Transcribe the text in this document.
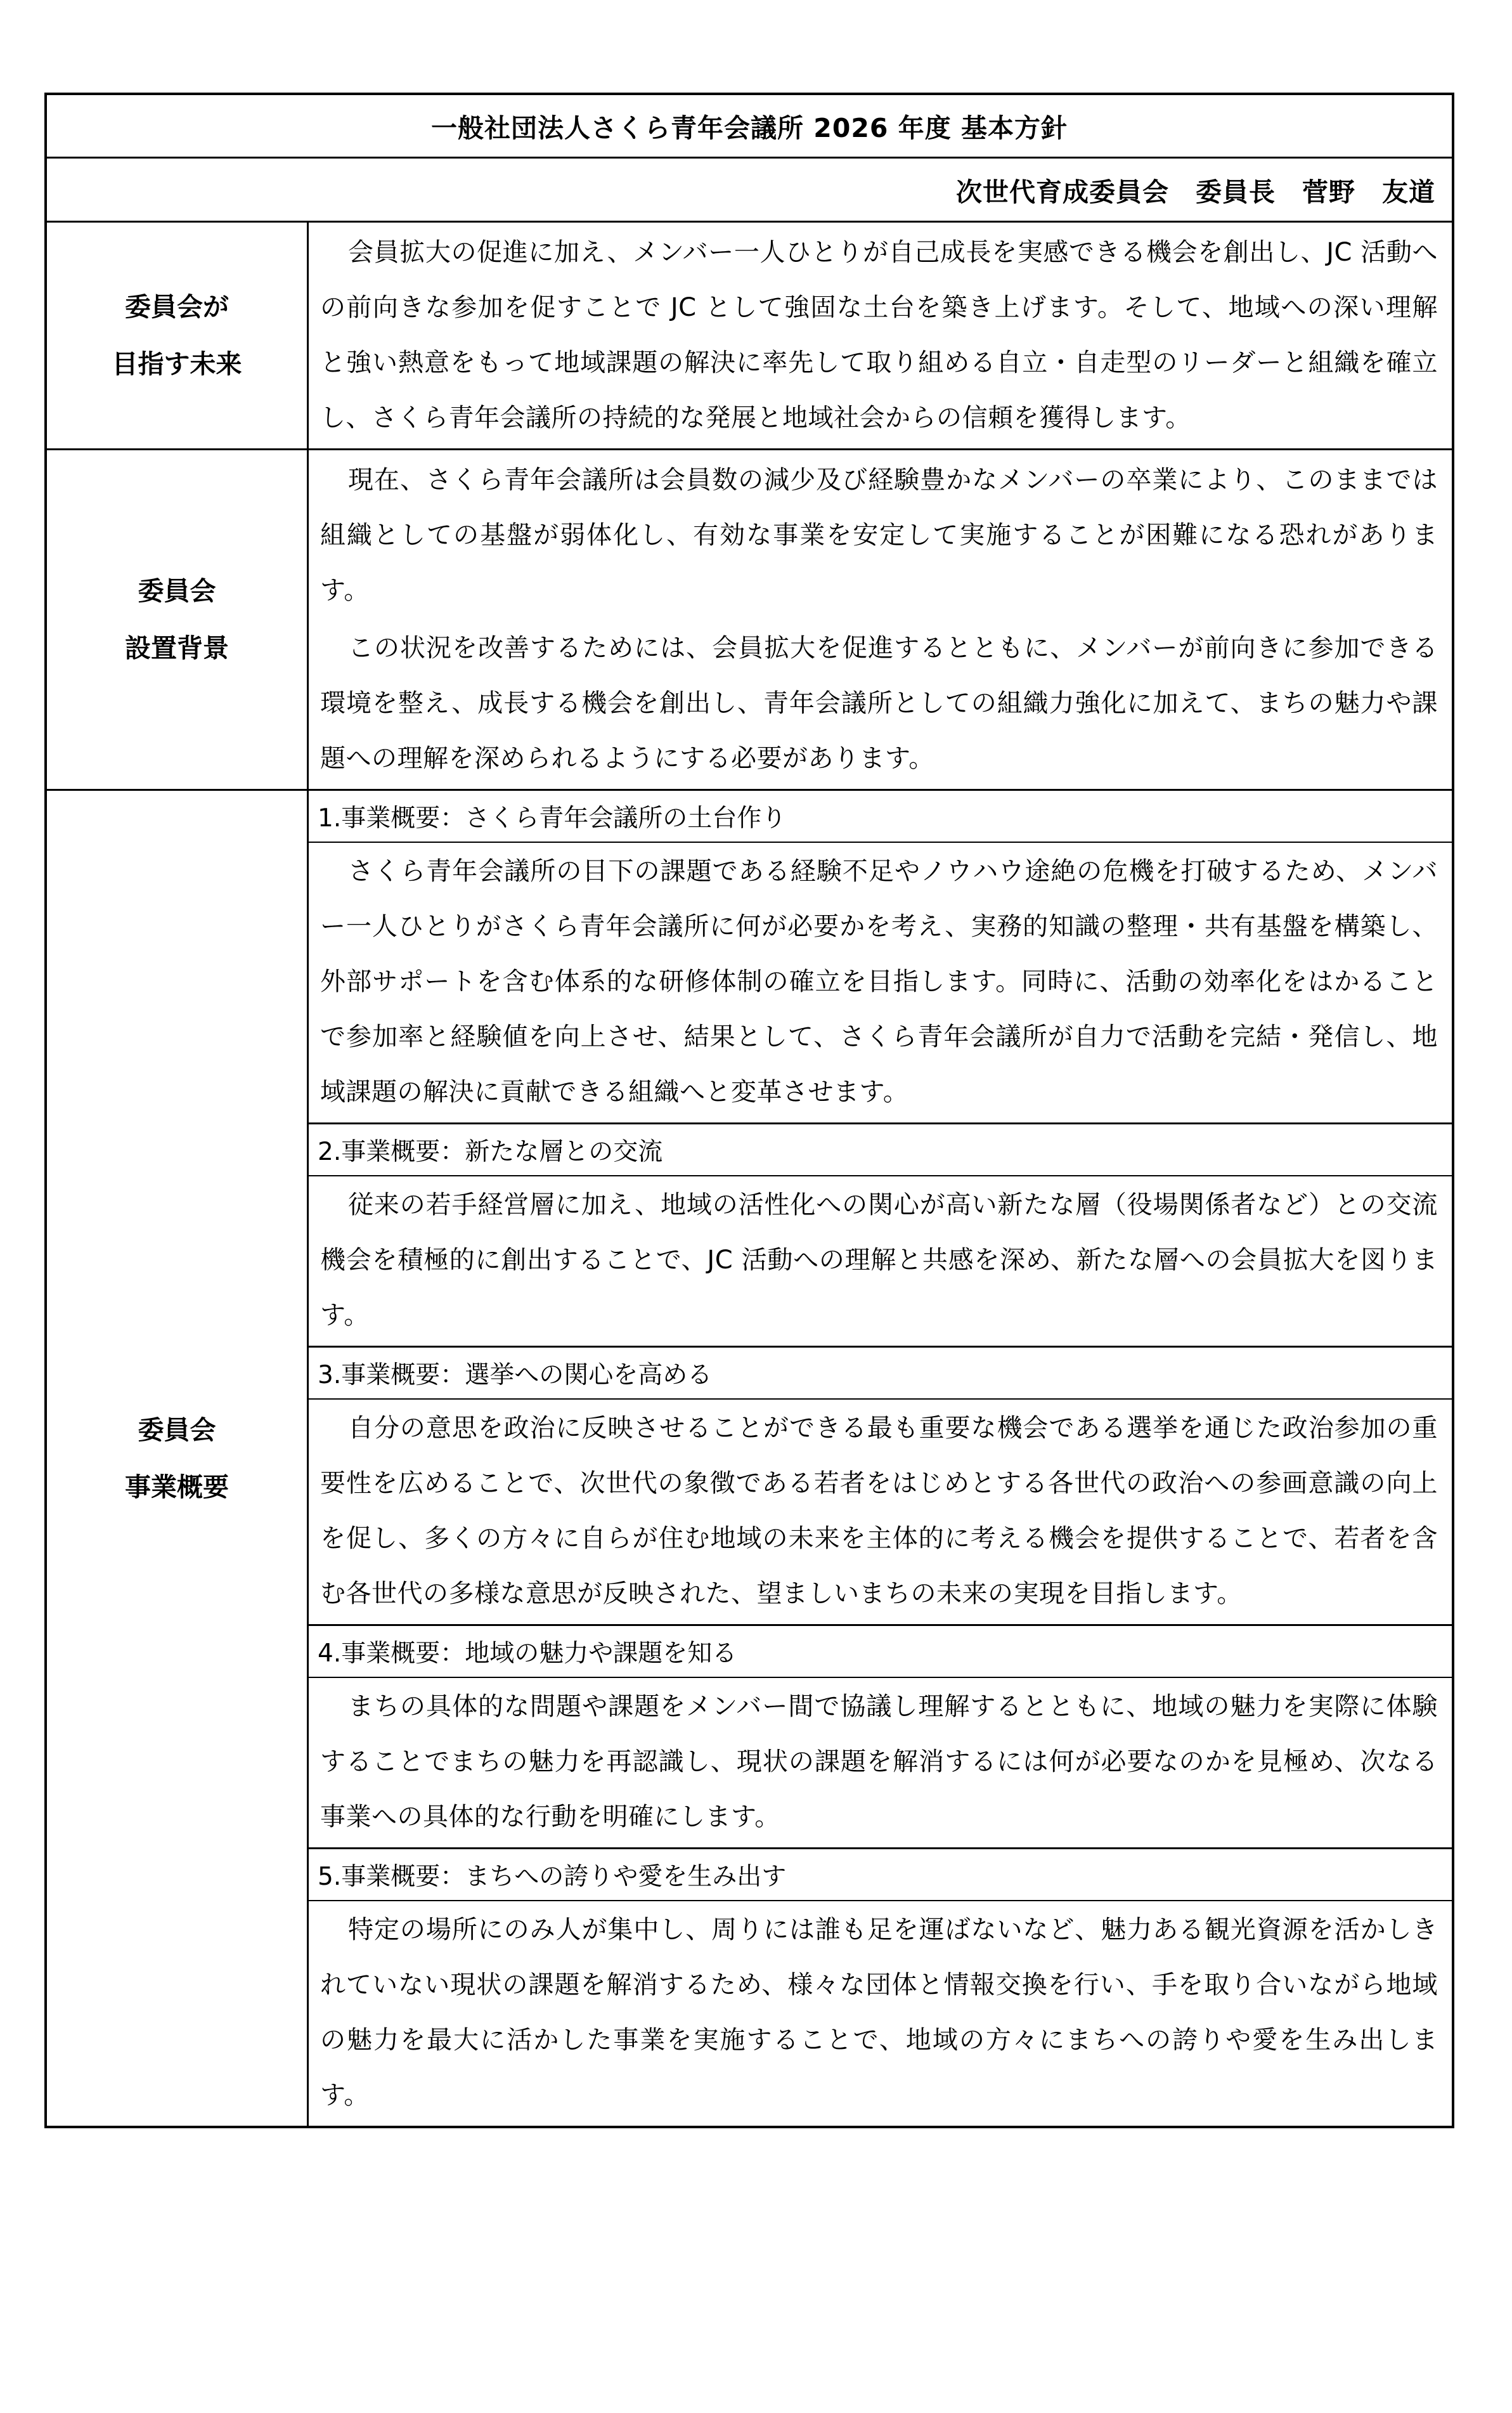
一般社団法人さくら青年会議所 2026 年度 基本方針
次世代育成委員会　委員長　菅野　友道
委員会が
目指す未来
会員拡大の促進に加え、メンバー一人ひとりが自己成長を実感できる機会を創出し、JC 活動への前向きな参加を促すことで JC として強固な土台を築き上げます。そして、地域への深い理解と強い熱意をもって地域課題の解決に率先して取り組める自立・自走型のリーダーと組織を確立し、さくら青年会議所の持続的な発展と地域社会からの信頼を獲得します。
委員会
設置背景
現在、さくら青年会議所は会員数の減少及び経験豊かなメンバーの卒業により、このままでは組織としての基盤が弱体化し、有効な事業を安定して実施することが困難になる恐れがあります。
この状況を改善するためには、会員拡大を促進するとともに、メンバーが前向きに参加できる環境を整え、成長する機会を創出し、青年会議所としての組織力強化に加えて、まちの魅力や課題への理解を深められるようにする必要があります。
委員会
事業概要
1.事業概要：さくら青年会議所の土台作り
さくら青年会議所の目下の課題である経験不足やノウハウ途絶の危機を打破するため、メンバー一人ひとりがさくら青年会議所に何が必要かを考え、実務的知識の整理・共有基盤を構築し、外部サポートを含む体系的な研修体制の確立を目指します。同時に、活動の効率化をはかることで参加率と経験値を向上させ、結果として、さくら青年会議所が自力で活動を完結・発信し、地域課題の解決に貢献できる組織へと変革させます。
2.事業概要：新たな層との交流
従来の若手経営層に加え、地域の活性化への関心が高い新たな層（役場関係者など）との交流機会を積極的に創出することで、JC 活動への理解と共感を深め、新たな層への会員拡大を図ります。
3.事業概要：選挙への関心を高める
自分の意思を政治に反映させることができる最も重要な機会である選挙を通じた政治参加の重要性を広めることで、次世代の象徴である若者をはじめとする各世代の政治への参画意識の向上を促し、多くの方々に自らが住む地域の未来を主体的に考える機会を提供することで、若者を含む各世代の多様な意思が反映された、望ましいまちの未来の実現を目指します。
4.事業概要：地域の魅力や課題を知る
まちの具体的な問題や課題をメンバー間で協議し理解するとともに、地域の魅力を実際に体験することでまちの魅力を再認識し、現状の課題を解消するには何が必要なのかを見極め、次なる事業への具体的な行動を明確にします。
5.事業概要：まちへの誇りや愛を生み出す
特定の場所にのみ人が集中し、周りには誰も足を運ばないなど、魅力ある観光資源を活かしきれていない現状の課題を解消するため、様々な団体と情報交換を行い、手を取り合いながら地域の魅力を最大に活かした事業を実施することで、地域の方々にまちへの誇りや愛を生み出します。
